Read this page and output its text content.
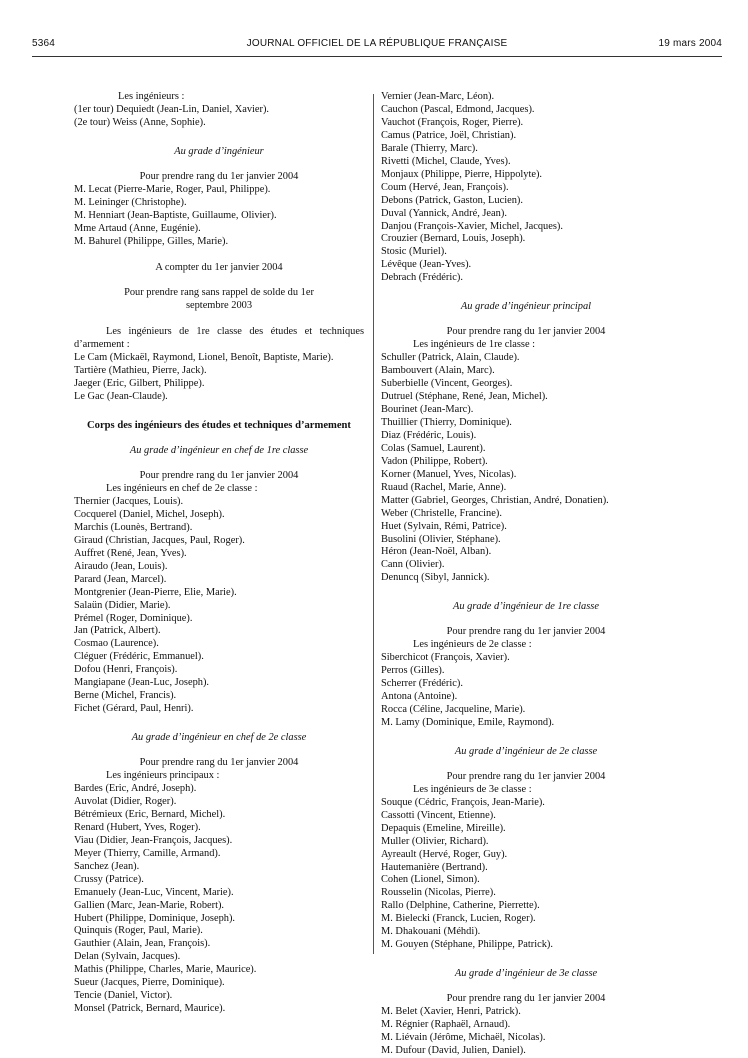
5364	JOURNAL OFFICIEL DE LA RÉPUBLIQUE FRANÇAISE	19 mars 2004

Les ingénieurs :

(1er tour) Dequiedt (Jean-Lin, Daniel, Xavier).

(2e tour) Weiss (Anne, Sophie).

Au grade d’ingénieur

Pour prendre rang du 1er janvier 2004

M. Lecat (Pierre-Marie, Roger, Paul, Philippe).

M. Leininger (Christophe).

M. Henniart (Jean-Baptiste, Guillaume, Olivier).

Mme Artaud (Anne, Eugénie).

M. Bahurel (Philippe, Gilles, Marie).

A compter du 1er janvier 2004

Pour prendre rang sans rappel de solde du 1er septembre 2003

Les ingénieurs de 1re classe des études et techniques d’armement :

Le Cam (Mickaël, Raymond, Lionel, Benoît, Baptiste, Marie).

Tartière (Mathieu, Pierre, Jack).

Jaeger (Eric, Gilbert, Philippe).

Le Gac (Jean-Claude).

Corps des ingénieurs des études et techniques d’armement

Au grade d’ingénieur en chef de 1re classe

Pour prendre rang du 1er janvier 2004

Les ingénieurs en chef de 2e classe :

Thernier (Jacques, Louis).

Cocquerel (Daniel, Michel, Joseph).

Marchis (Lounès, Bertrand).

Giraud (Christian, Jacques, Paul, Roger).

Auffret (René, Jean, Yves).

Airaudo (Jean, Louis).

Parard (Jean, Marcel).

Montgrenier (Jean-Pierre, Elie, Marie).

Salaün (Didier, Marie).

Prémel (Roger, Dominique).

Jan (Patrick, Albert).

Cosmao (Laurence).

Cléguer (Frédéric, Emmanuel).

Dofou (Henri, François).

Mangiapane (Jean-Luc, Joseph).

Berne (Michel, Francis).

Fichet (Gérard, Paul, Henri).

Au grade d’ingénieur en chef de 2e classe

Pour prendre rang du 1er janvier 2004

Les ingénieurs principaux :

Bardes (Eric, André, Joseph).

Auvolat (Didier, Roger).

Bétrémieux (Eric, Bernard, Michel).

Renard (Hubert, Yves, Roger).

Viau (Didier, Jean-François, Jacques).

Meyer (Thierry, Camille, Armand).

Sanchez (Jean).

Crussy (Patrice).

Emanuely (Jean-Luc, Vincent, Marie).

Gallien (Marc, Jean-Marie, Robert).

Hubert (Philippe, Dominique, Joseph).

Quinquis (Roger, Paul, Marie).

Gauthier (Alain, Jean, François).

Delan (Sylvain, Jacques).

Mathis (Philippe, Charles, Marie, Maurice).

Sueur (Jacques, Pierre, Dominique).

Tencie (Daniel, Victor).

Monsel (Patrick, Bernard, Maurice).

Vernier (Jean-Marc, Léon).

Cauchon (Pascal, Edmond, Jacques).

Vauchot (François, Roger, Pierre).

Camus (Patrice, Joël, Christian).

Barale (Thierry, Marc).

Rivetti (Michel, Claude, Yves).

Monjaux (Philippe, Pierre, Hippolyte).

Coum (Hervé, Jean, François).

Debons (Patrick, Gaston, Lucien).

Duval (Yannick, André, Jean).

Danjou (François-Xavier, Michel, Jacques).

Crouzier (Bernard, Louis, Joseph).

Stosic (Muriel).

Lévêque (Jean-Yves).

Debrach (Frédéric).

Au grade d’ingénieur principal

Pour prendre rang du 1er janvier 2004

Les ingénieurs de 1re classe :

Schuller (Patrick, Alain, Claude).

Bambouvert (Alain, Marc).

Suberbielle (Vincent, Georges).

Dutruel (Stéphane, René, Jean, Michel).

Bourinet (Jean-Marc).

Thuillier (Thierry, Dominique).

Diaz (Frédéric, Louis).

Colas (Samuel, Laurent).

Vadon (Philippe, Robert).

Korner (Manuel, Yves, Nicolas).

Ruaud (Rachel, Marie, Anne).

Matter (Gabriel, Georges, Christian, André, Donatien).

Weber (Christelle, Francine).

Huet (Sylvain, Rémi, Patrice).

Busolini (Olivier, Stéphane).

Héron (Jean-Noël, Alban).

Cann (Olivier).

Denuncq (Sibyl, Jannick).

Au grade d’ingénieur de 1re classe

Pour prendre rang du 1er janvier 2004

Les ingénieurs de 2e classe :

Siberchicot (François, Xavier).

Perros (Gilles).

Scherrer (Frédéric).

Antona (Antoine).

Rocca (Céline, Jacqueline, Marie).

M. Lamy (Dominique, Emile, Raymond).

Au grade d’ingénieur de 2e classe

Pour prendre rang du 1er janvier 2004

Les ingénieurs de 3e classe :

Souque (Cédric, François, Jean-Marie).

Cassotti (Vincent, Etienne).

Depaquis (Emeline, Mireille).

Muller (Olivier, Richard).

Ayreault (Hervé, Roger, Guy).

Hautemanière (Bertrand).

Cohen (Lionel, Simon).

Rousselin (Nicolas, Pierre).

Rallo (Delphine, Catherine, Pierrette).

M. Bielecki (Franck, Lucien, Roger).

M. Dhakouani (Méhdi).

M. Gouyen (Stéphane, Philippe, Patrick).

Au grade d’ingénieur de 3e classe

Pour prendre rang du 1er janvier 2004

M. Belet (Xavier, Henri, Patrick).

M. Régnier (Raphaël, Arnaud).

M. Liévain (Jérôme, Michaël, Nicolas).

M. Dufour (David, Julien, Daniel).
